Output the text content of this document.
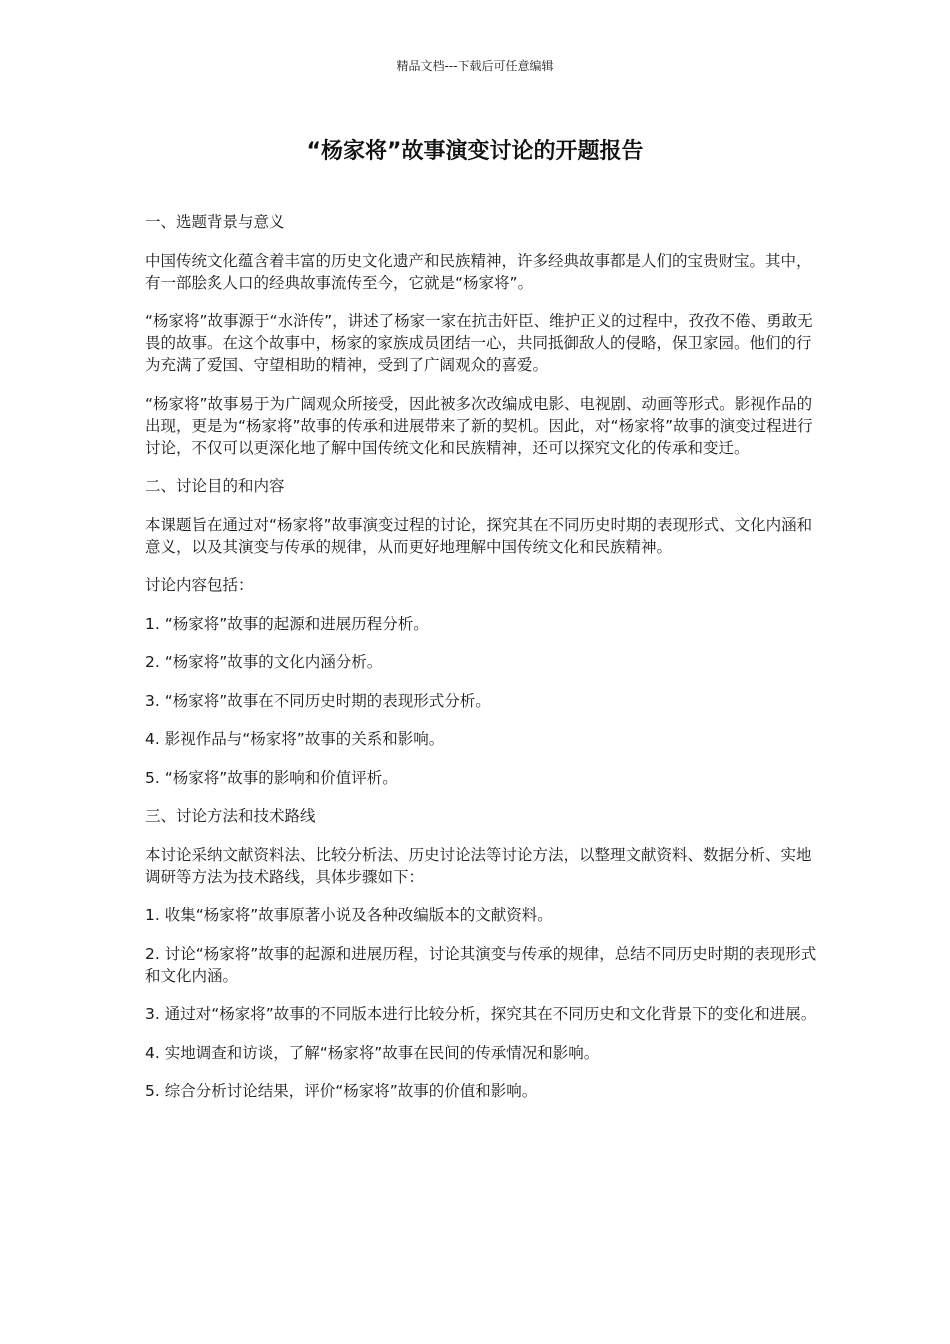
精品文档---下载后可任意编辑
“杨家将”故事演变讨论的开题报告

一、选题背景与意义

中国传统文化蕴含着丰富的历史文化遗产和民族精神，许多经典故事都是人们的宝贵财宝。其中，有一部脍炙人口的经典故事流传至今，它就是“杨家将”。

“杨家将”故事源于“水浒传”，讲述了杨家一家在抗击奸臣、维护正义的过程中，孜孜不倦、勇敢无畏的故事。在这个故事中，杨家的家族成员团结一心，共同抵御敌人的侵略，保卫家园。他们的行为充满了爱国、守望相助的精神，受到了广阔观众的喜爱。

“杨家将”故事易于为广阔观众所接受，因此被多次改编成电影、电视剧、动画等形式。影视作品的出现，更是为“杨家将”故事的传承和进展带来了新的契机。因此，对“杨家将”故事的演变过程进行讨论，不仅可以更深化地了解中国传统文化和民族精神，还可以探究文化的传承和变迁。

二、讨论目的和内容

本课题旨在通过对“杨家将”故事演变过程的讨论，探究其在不同历史时期的表现形式、文化内涵和意义，以及其演变与传承的规律，从而更好地理解中国传统文化和民族精神。

讨论内容包括：

1. “杨家将”故事的起源和进展历程分析。

2. “杨家将”故事的文化内涵分析。

3. “杨家将”故事在不同历史时期的表现形式分析。

4. 影视作品与“杨家将”故事的关系和影响。

5. “杨家将”故事的影响和价值评析。

三、讨论方法和技术路线

本讨论采纳文献资料法、比较分析法、历史讨论法等讨论方法，以整理文献资料、数据分析、实地调研等方法为技术路线，具体步骤如下：

1. 收集“杨家将”故事原著小说及各种改编版本的文献资料。

2. 讨论“杨家将”故事的起源和进展历程，讨论其演变与传承的规律，总结不同历史时期的表现形式和文化内涵。

3. 通过对“杨家将”故事的不同版本进行比较分析，探究其在不同历史和文化背景下的变化和进展。

4. 实地调查和访谈，了解“杨家将”故事在民间的传承情况和影响。

5. 综合分析讨论结果，评价“杨家将”故事的价值和影响。
